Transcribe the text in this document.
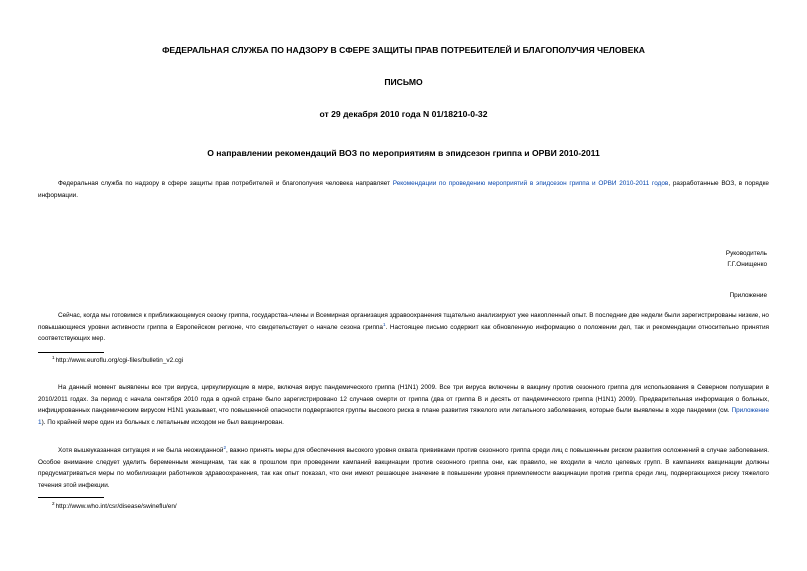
ФЕДЕРАЛЬНАЯ СЛУЖБА ПО НАДЗОРУ В СФЕРЕ ЗАЩИТЫ ПРАВ ПОТРЕБИТЕЛЕЙ И БЛАГОПОЛУЧИЯ ЧЕЛОВЕКА
ПИСЬМО
от 29 декабря 2010 года N 01/18210-0-32
О направлении рекомендаций ВОЗ по мероприятиям в эпидсезон гриппа и ОРВИ 2010-2011
Федеральная служба по надзору в сфере защиты прав потребителей и благополучия человека направляет Рекомендации по проведению мероприятий в эпидсезон гриппа и ОРВИ 2010-2011 годов, разработанные ВОЗ, в порядке информации.
Руководитель
Г.Г.Онищенко
Приложение
Сейчас, когда мы готовимся к приближающемуся сезону гриппа, государства-члены и Всемирная организация здравоохранения тщательно анализируют уже накопленный опыт. В последние две недели были зарегистрированы низкие, но повышающиеся уровни активности гриппа в Европейском регионе, что свидетельствует о начале сезона гриппа$^1$. Настоящее письмо содержит как обновленную информацию о положении дел, так и рекомендации относительно принятия соответствующих мер.
$^1$http://www.euroflu.org/cgi-files/bulletin_v2.cgi
На данный момент выявлены все три вируса, циркулирующие в мире, включая вирус пандемического гриппа (H1N1) 2009. Все три вируса включены в вакцину против сезонного гриппа для использования в Северном полушарии в 2010/2011 годах. За период с начала сентября 2010 года в одной стране было зарегистрировано 12 случаев смерти от гриппа (два от гриппа B и десять от пандемического гриппа (H1N1) 2009). Предварительная информация о больных, инфицированных пандемическим вирусом H1N1 указывает, что повышенной опасности подвергаются группы высокого риска в плане развития тяжелого или летального заболевания, которые были выявлены в ходе пандемии (см. Приложение 1). По крайней мере один из больных с летальным исходом не был вакцинирован.
Хотя вышеуказанная ситуация и не была неожиданной$^2$, важно принять меры для обеспечения высокого уровня охвата прививками против сезонного гриппа среди лиц с повышенным риском развития осложнений в случае заболевания. Особое внимание следует уделить беременным женщинам, так как в прошлом при проведении кампаний вакцинации против сезонного гриппа они, как правило, не входили в число целевых групп. В кампаниях вакцинации должны предусматриваться меры по мобилизации работников здравоохранения, так как опыт показал, что они имеют решающее значение в повышении уровня приемлемости вакцинации против гриппа среди лиц, подвергающихся риску тяжелого течения этой инфекции.
$^2$http://www.who.int/csr/disease/swineflu/en/
